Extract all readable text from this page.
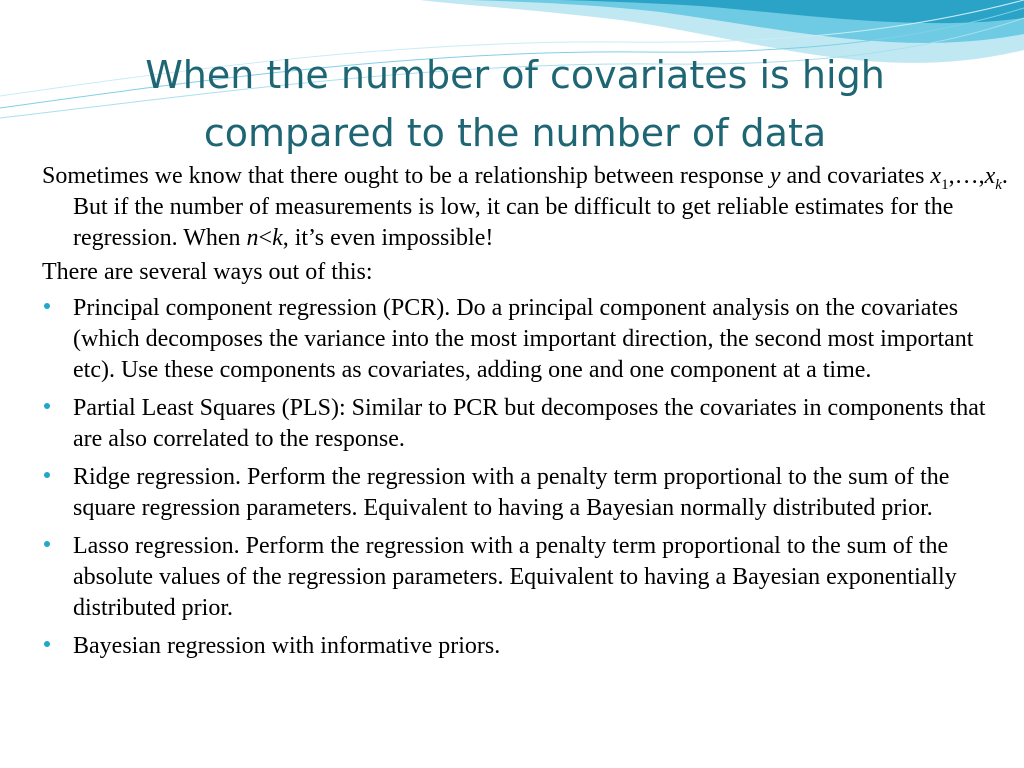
When the number of covariates is high
compared to the number of data

Sometimes we know that there ought to be a relationship between response y and covariates $x_1,\dots,x_k$. But if the number of measurements is low, it can be difficult to get reliable estimates for the regression. When n<k, it’s even impossible!

There are several ways out of this:

Principal component regression (PCR). Do a principal component analysis on the covariates (which decomposes the variance into the most important direction, the second most important etc). Use these components as covariates, adding one and one component at a time.
Partial Least Squares (PLS): Similar to PCR but decomposes the covariates in components that are also correlated to the response.
Ridge regression. Perform the regression with a penalty term proportional to the sum of the square regression parameters. Equivalent to having a Bayesian normally distributed prior.
Lasso regression. Perform the regression with a penalty term proportional to the sum of the absolute values of the regression parameters. Equivalent to having a Bayesian exponentially distributed prior.
Bayesian regression with informative priors.
